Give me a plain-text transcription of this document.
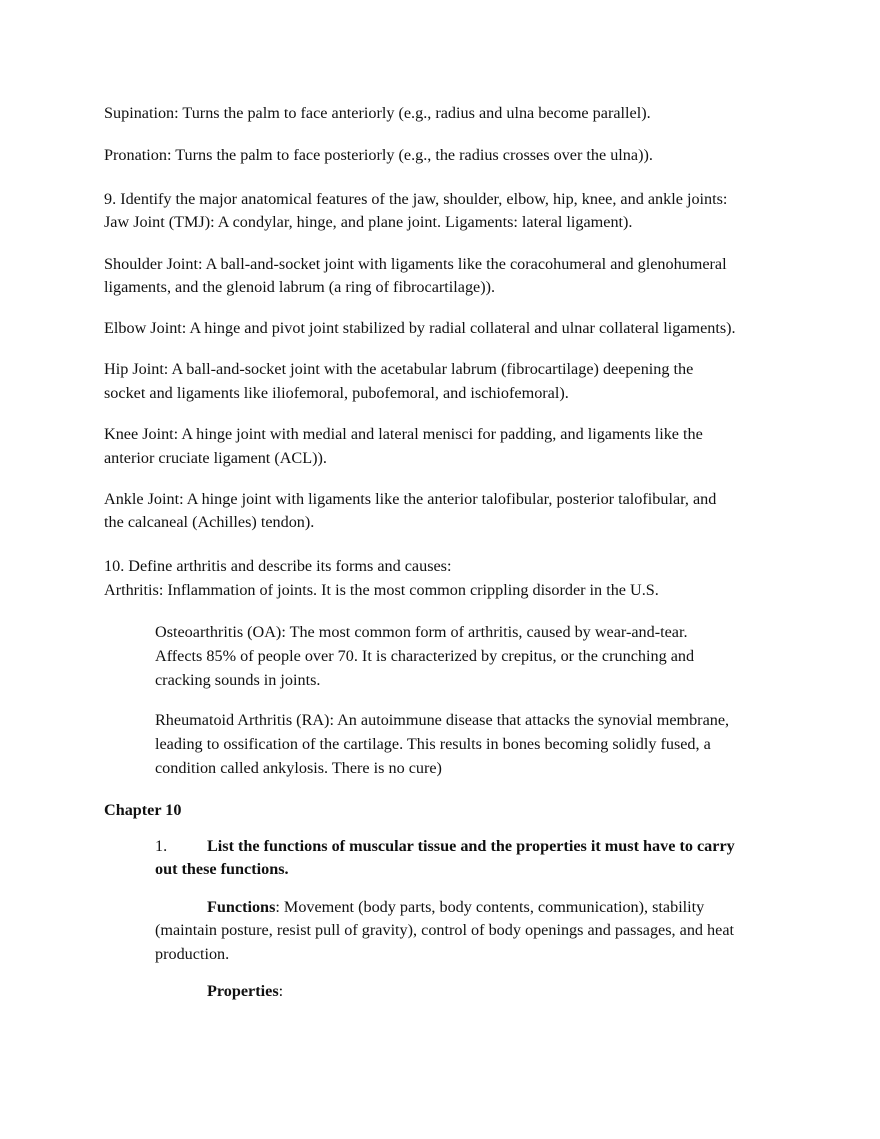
Supination: Turns the palm to face anteriorly (e.g., radius and ulna become parallel).
Pronation: Turns the palm to face posteriorly (e.g., the radius crosses over the ulna)).
9. Identify the major anatomical features of the jaw, shoulder, elbow, hip, knee, and ankle joints:
Jaw Joint (TMJ): A condylar, hinge, and plane joint. Ligaments: lateral ligament).
Shoulder Joint: A ball-and-socket joint with ligaments like the coracohumeral and glenohumeral
ligaments, and the glenoid labrum (a ring of fibrocartilage)).
Elbow Joint: A hinge and pivot joint stabilized by radial collateral and ulnar collateral ligaments).
Hip Joint: A ball-and-socket joint with the acetabular labrum (fibrocartilage) deepening the
socket and ligaments like iliofemoral, pubofemoral, and ischiofemoral).
Knee Joint: A hinge joint with medial and lateral menisci for padding, and ligaments like the
anterior cruciate ligament (ACL)).
Ankle Joint: A hinge joint with ligaments like the anterior talofibular, posterior talofibular, and
the calcaneal (Achilles) tendon).
10. Define arthritis and describe its forms and causes:
Arthritis: Inflammation of joints. It is the most common crippling disorder in the U.S.
Osteoarthritis (OA): The most common form of arthritis, caused by wear-and-tear.
Affects 85% of people over 70. It is characterized by crepitus, or the crunching and
cracking sounds in joints.
Rheumatoid Arthritis (RA): An autoimmune disease that attacks the synovial membrane,
leading to ossification of the cartilage. This results in bones becoming solidly fused, a
condition called ankylosis. There is no cure)
Chapter 10
1. List the functions of muscular tissue and the properties it must have to carry
out these functions.
Functions: Movement (body parts, body contents, communication), stability
(maintain posture, resist pull of gravity), control of body openings and passages, and heat
production.
Properties:
